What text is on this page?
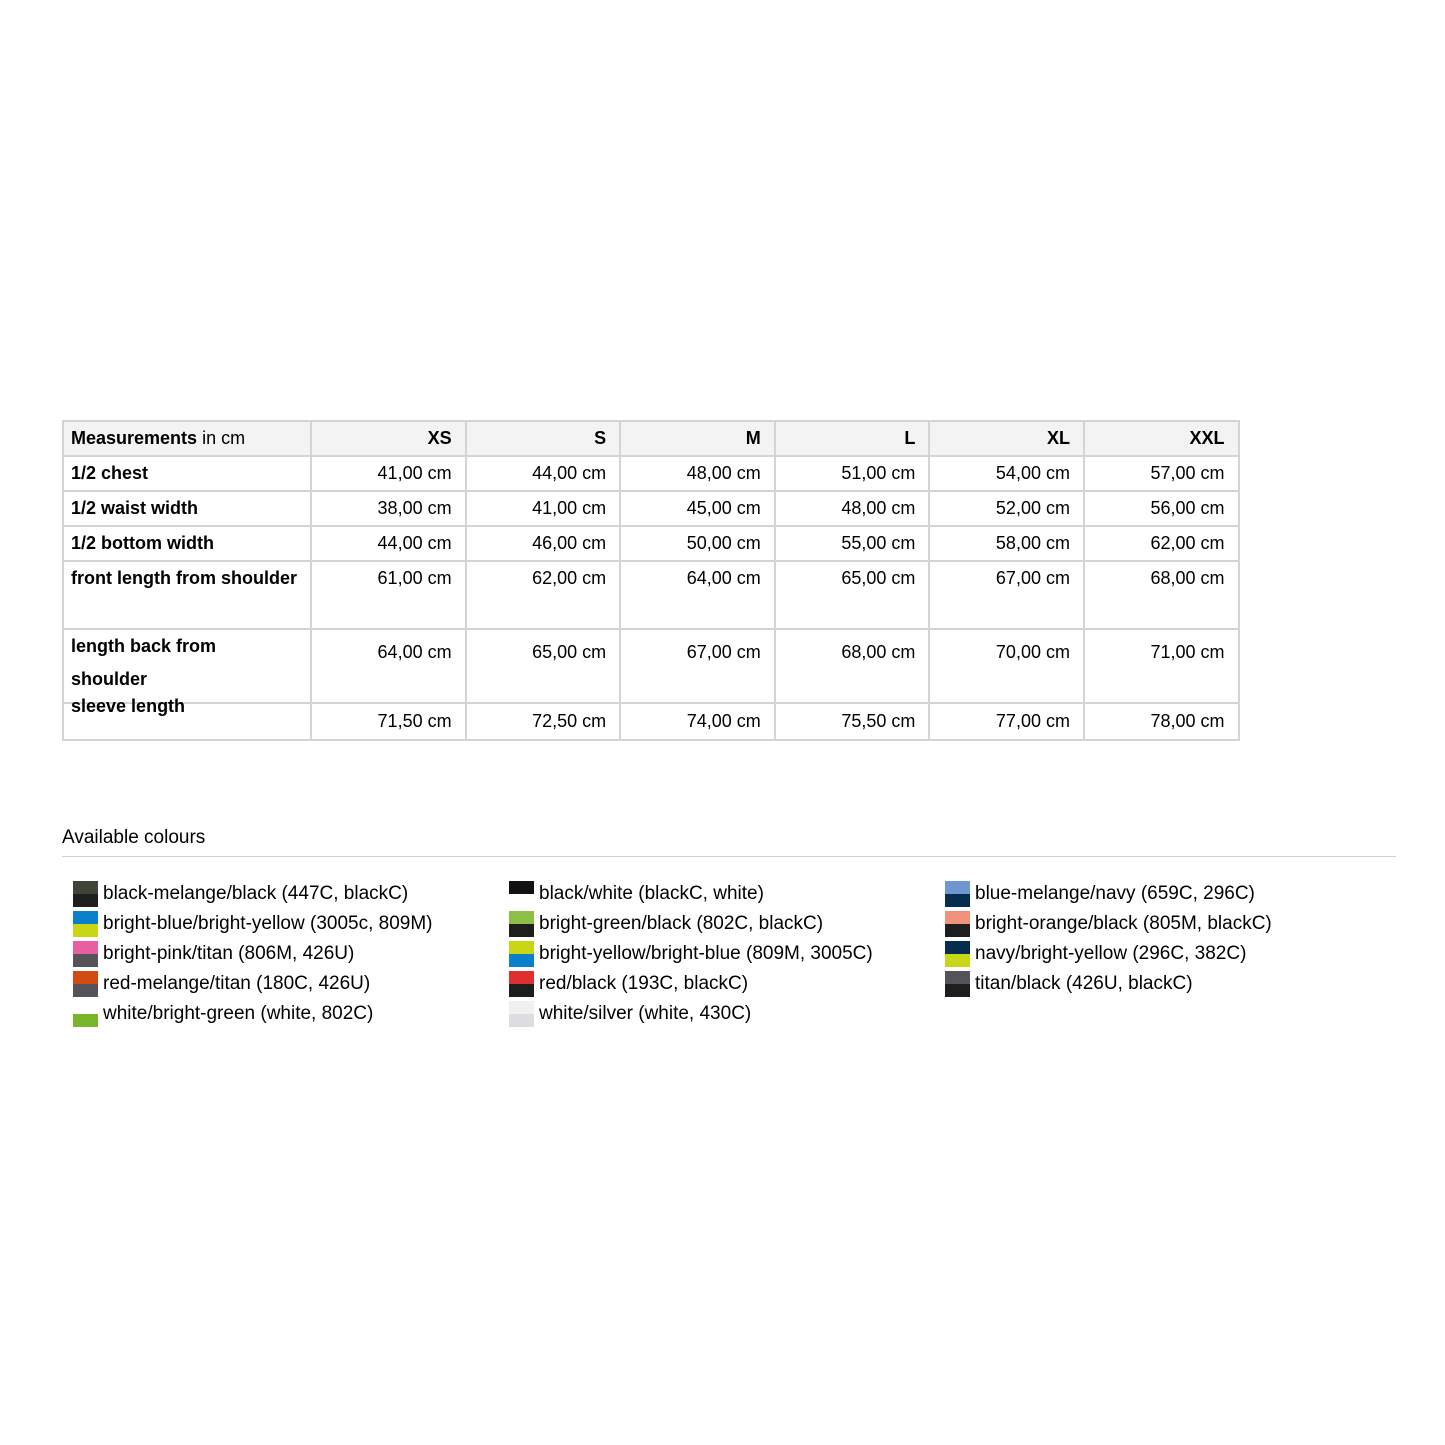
Measurements in cm	XS	S	M	L	XL	XXL
1/2 chest	41,00 cm	44,00 cm	48,00 cm	51,00 cm	54,00 cm	57,00 cm
1/2 waist width	38,00 cm	41,00 cm	45,00 cm	48,00 cm	52,00 cm	56,00 cm
1/2 bottom width	44,00 cm	46,00 cm	50,00 cm	55,00 cm	58,00 cm	62,00 cm
front length from shoulder	61,00 cm	62,00 cm	64,00 cm	65,00 cm	67,00 cm	68,00 cm
length back from shoulder	64,00 cm	65,00 cm	67,00 cm	68,00 cm	70,00 cm	71,00 cm
sleeve length	71,50 cm	72,50 cm	74,00 cm	75,50 cm	77,00 cm	78,00 cm
Available colours
black-melange/black (447C, blackC)	black/white (blackC, white)	blue-melange/navy (659C, 296C)
bright-blue/bright-yellow (3005c, 809M)	bright-green/black (802C, blackC)	bright-orange/black (805M, blackC)
bright-pink/titan (806M, 426U)	bright-yellow/bright-blue (809M, 3005C)	navy/bright-yellow (296C, 382C)
red-melange/titan (180C, 426U)	red/black (193C, blackC)	titan/black (426U, blackC)
white/bright-green (white, 802C)	white/silver (white, 430C)
